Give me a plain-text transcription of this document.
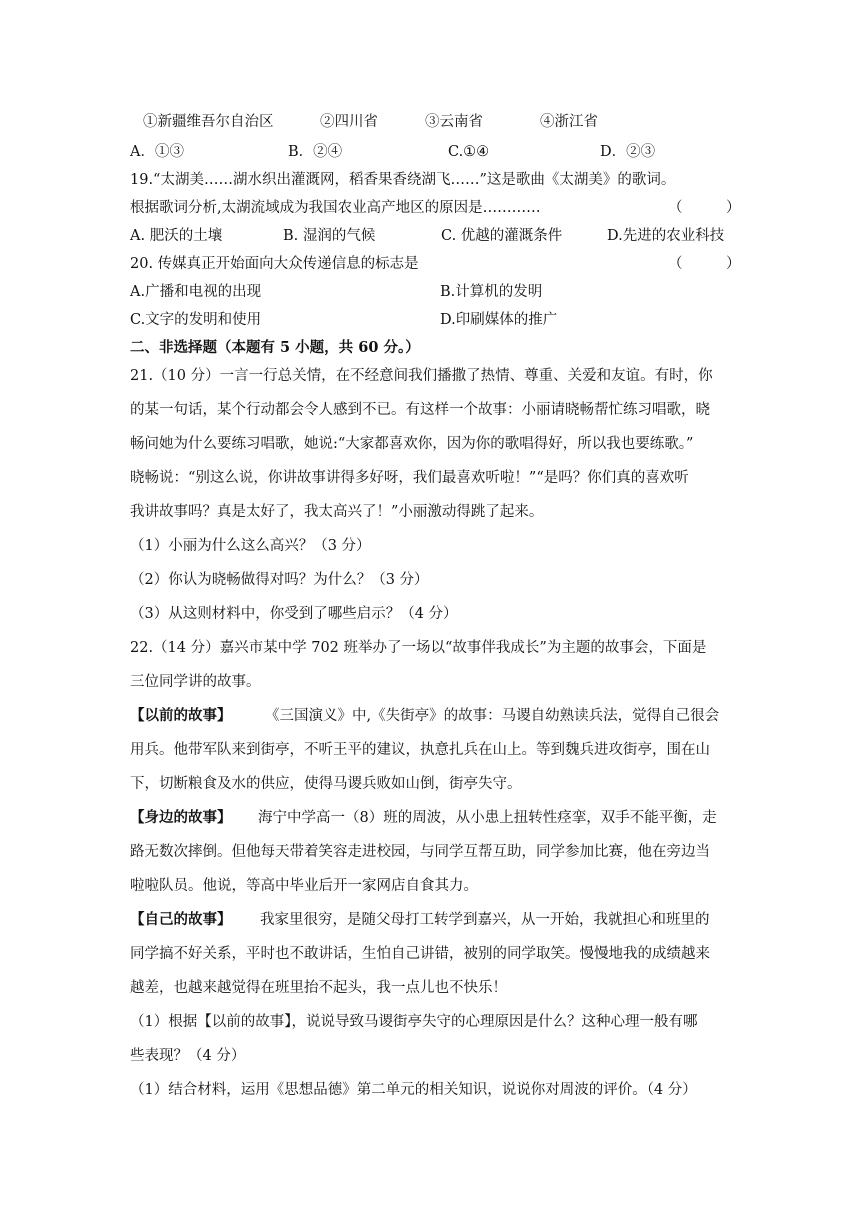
①新疆维吾尔自治区	②四川省	③云南省	④浙江省
A．①③	B．②④	C.①④	D．②③
19.“太湖美……湖水织出灌溉网，稻香果香绕湖飞……”这是歌曲《太湖美》的歌词。
根据歌词分析,太湖流域成为我国农业高产地区的原因是…………	（　　　）
A. 肥沃的土壤	B. 湿润的气候	C. 优越的灌溉条件	D.先进的农业科技
20. 传媒真正开始面向大众传递信息的标志是	（　　　）
A.广播和电视的出现	B.计算机的发明
C.文字的发明和使用	D.印刷媒体的推广
二、非选择题（本题有 5 小题，共 60 分。）
21.（10 分）一言一行总关情，在不经意间我们播撒了热情、尊重、关爱和友谊。有时，你
的某一句话，某个行动都会令人感到不已。有这样一个故事：小丽请晓畅帮忙练习唱歌，晓
畅问她为什么要练习唱歌，她说:“大家都喜欢你，因为你的歌唱得好，所以我也要练歌。”
晓畅说：“别这么说，你讲故事讲得多好呀，我们最喜欢听啦！”“是吗？你们真的喜欢听
我讲故事吗？真是太好了，我太高兴了！”小丽激动得跳了起来。
（1）小丽为什么这么高兴？（3 分）
（2）你认为晓畅做得对吗？为什么？（3 分）
（3）从这则材料中，你受到了哪些启示？（4 分）
22.（14 分）嘉兴市某中学 702 班举办了一场以“故事伴我成长”为主题的故事会，下面是
三位同学讲的故事。
【以前的故事】 《三国演义》中,《失街亭》的故事：马谡自幼熟读兵法，觉得自己很会
用兵。他带军队来到街亭，不听王平的建议，执意扎兵在山上。等到魏兵进攻街亭，围在山
下，切断粮食及水的供应，使得马谡兵败如山倒，街亭失守。
【身边的故事】 海宁中学高一（8）班的周波，从小患上扭转性痉挛，双手不能平衡，走
路无数次摔倒。但他每天带着笑容走进校园，与同学互帮互助，同学参加比赛，他在旁边当
啦啦队员。他说，等高中毕业后开一家网店自食其力。
【自己的故事】 我家里很穷，是随父母打工转学到嘉兴，从一开始，我就担心和班里的
同学搞不好关系，平时也不敢讲话，生怕自己讲错，被别的同学取笑。慢慢地我的成绩越来
越差，也越来越觉得在班里抬不起头，我一点儿也不快乐！
（1）根据【以前的故事】，说说导致马谡街亭失守的心理原因是什么？这种心理一般有哪
些表现？（4 分）
（1）结合材料，运用《思想品德》第二单元的相关知识，说说你对周波的评价。（4 分）
